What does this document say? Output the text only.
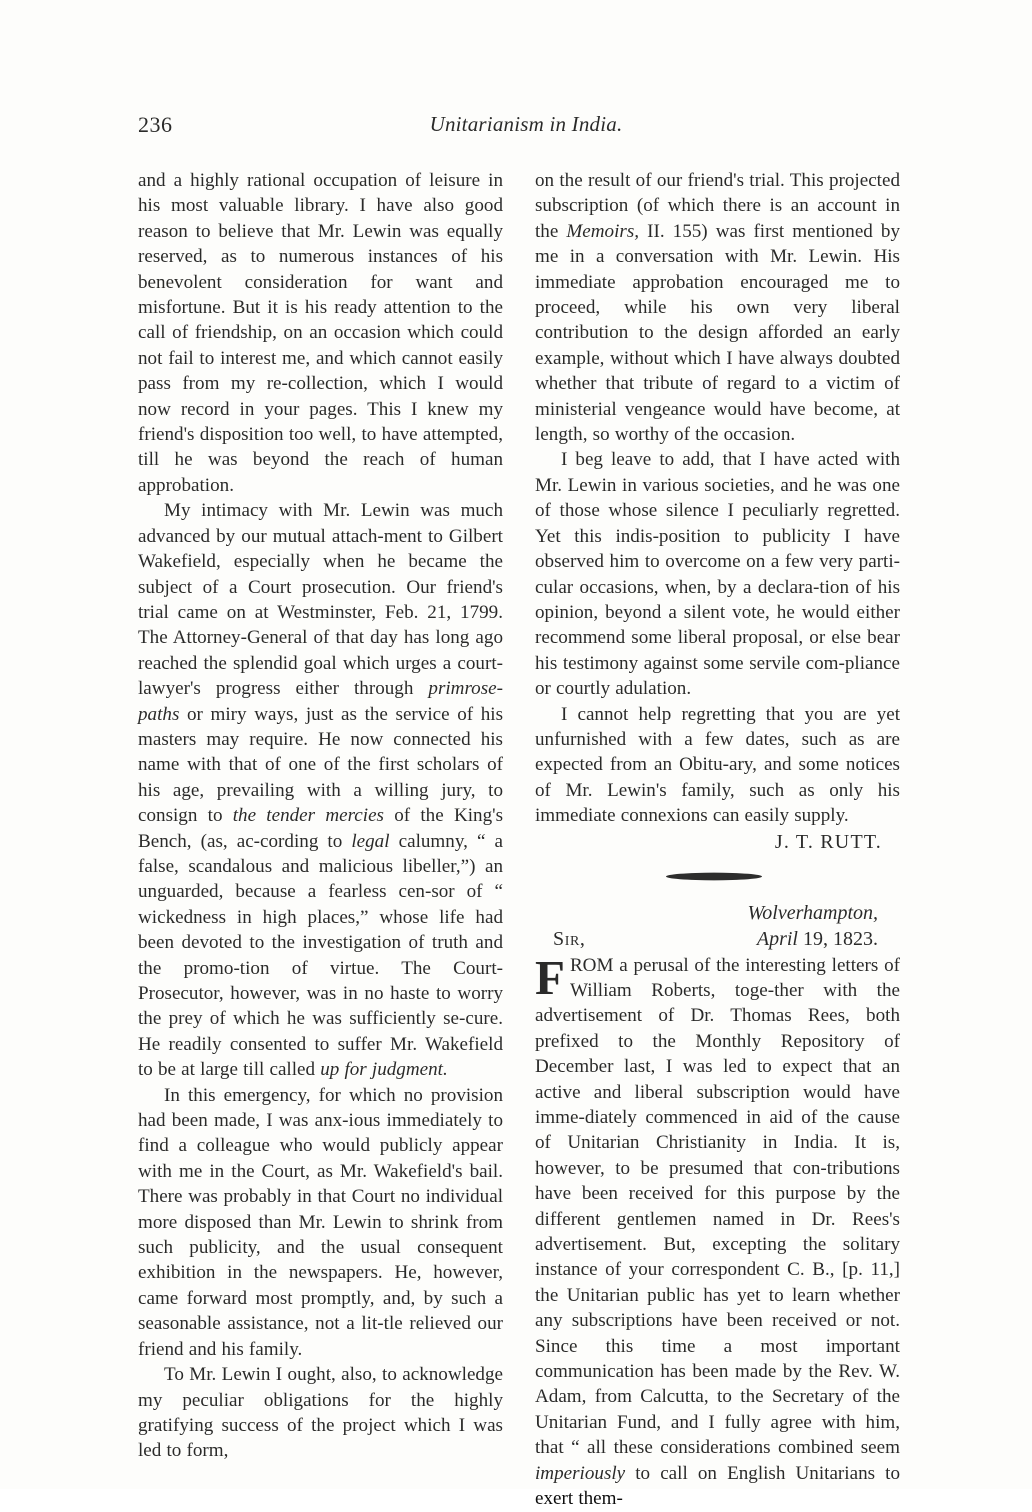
236	Unitarianism in India.

and a highly rational occupation of leisure in his most valuable library. I have also good reason to believe that Mr. Lewin was equally reserved, as to numerous instances of his benevolent consideration for want and misfortune. But it is his ready attention to the call of friendship, on an occasion which could not fail to interest me, and which cannot easily pass from my re-collection, which I would now record in your pages. This I knew my friend's disposition too well, to have attempted, till he was beyond the reach of human approbation.

My intimacy with Mr. Lewin was much advanced by our mutual attach-ment to Gilbert Wakefield, especially when he became the subject of a Court prosecution. Our friend's trial came on at Westminster, Feb. 21, 1799. The Attorney-General of that day has long ago reached the splendid goal which urges a court-lawyer's progress either through primrose-paths or miry ways, just as the service of his masters may require. He now connected his name with that of one of the first scholars of his age, prevailing with a willing jury, to consign to the tender mercies of the King's Bench, (as, ac-cording to legal calumny, “ a false, scandalous and malicious libeller,”) an unguarded, because a fearless cen-sor of “ wickedness in high places,” whose life had been devoted to the investigation of truth and the promo-tion of virtue. The Court-Prosecutor, however, was in no haste to worry the prey of which he was sufficiently se-cure. He readily consented to suffer Mr. Wakefield to be at large till called up for judgment.

In this emergency, for which no provision had been made, I was anx-ious immediately to find a colleague who would publicly appear with me in the Court, as Mr. Wakefield's bail. There was probably in that Court no individual more disposed than Mr. Lewin to shrink from such publicity, and the usual consequent exhibition in the newspapers. He, however, came forward most promptly, and, by such a seasonable assistance, not a lit-tle relieved our friend and his family.

To Mr. Lewin I ought, also, to acknowledge my peculiar obligations for the highly gratifying success of the project which I was led to form,

on the result of our friend's trial. This projected subscription (of which there is an account in the Memoirs, II. 155) was first mentioned by me in a conversation with Mr. Lewin. His immediate approbation encouraged me to proceed, while his own very liberal contribution to the design afforded an early example, without which I have always doubted whether that tribute of regard to a victim of ministerial vengeance would have become, at length, so worthy of the occasion.

I beg leave to add, that I have acted with Mr. Lewin in various societies, and he was one of those whose silence I peculiarly regretted. Yet this indis-position to publicity I have observed him to overcome on a few very parti-cular occasions, when, by a declara-tion of his opinion, beyond a silent vote, he would either recommend some liberal proposal, or else bear his testimony against some servile com-pliance or courtly adulation.

I cannot help regretting that you are yet unfurnished with a few dates, such as are expected from an Obitu-ary, and some notices of Mr. Lewin's family, such as only his immediate connexions can easily supply.

J. T. RUTT.
Wolverhampton,
Sir,	April 19, 1823.

FROM a perusal of the interesting letters of William Roberts, toge-ther with the advertisement of Dr. Thomas Rees, both prefixed to the Monthly Repository of December last, I was led to expect that an active and liberal subscription would have imme-diately commenced in aid of the cause of Unitarian Christianity in India. It is, however, to be presumed that con-tributions have been received for this purpose by the different gentlemen named in Dr. Rees's advertisement. But, excepting the solitary instance of your correspondent C. B., [p. 11,] the Unitarian public has yet to learn whether any subscriptions have been received or not. Since this time a most important communication has been made by the Rev. W. Adam, from Calcutta, to the Secretary of the Unitarian Fund, and I fully agree with him, that “ all these considerations combined seem imperiously to call on English Unitarians to exert them-
